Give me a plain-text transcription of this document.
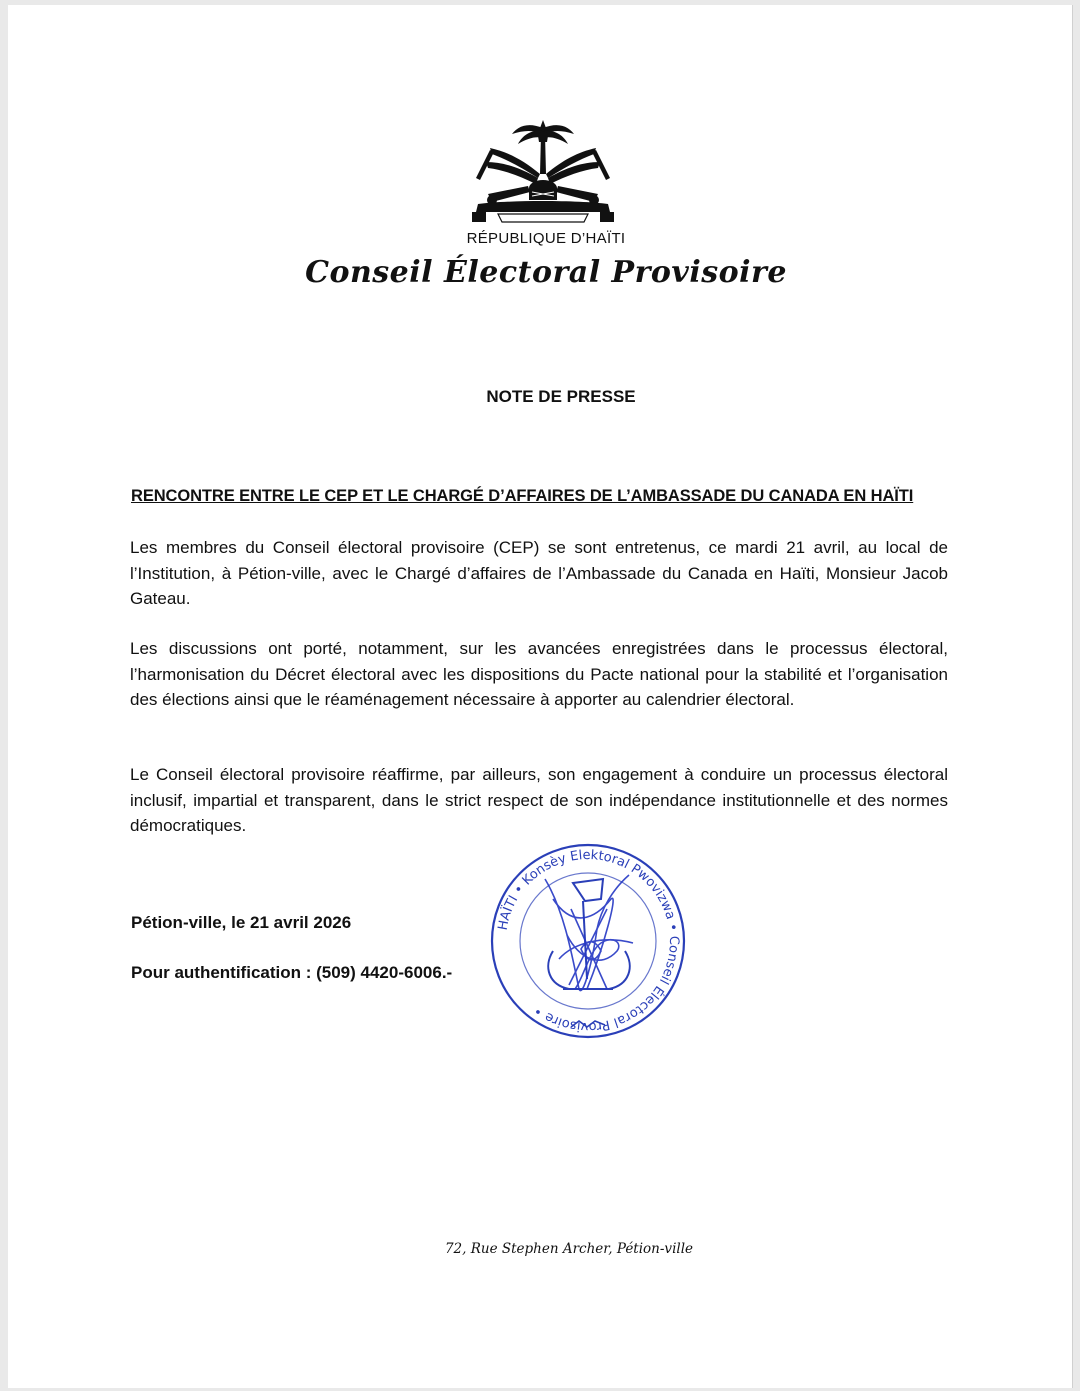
RÉPUBLIQUE D’HAÏTI
Conseil Électoral Provisoire
NOTE DE PRESSE
RENCONTRE ENTRE LE CEP ET LE CHARGÉ D’AFFAIRES DE L’AMBASSADE DU CANADA EN HAÏTI

Les membres du Conseil électoral provisoire (CEP) se sont entretenus, ce mardi 21 avril, au local de l’Institution, à Pétion-ville, avec le Chargé d’affaires de l’Ambassade du Canada en Haïti, Monsieur Jacob Gateau.

Les discussions ont porté, notamment, sur les avancées enregistrées dans le processus électoral, l’harmonisation du Décret électoral avec les dispositions du Pacte national pour la stabilité et l’organisation des élections ainsi que le réaménagement nécessaire à apporter au calendrier électoral.

Le Conseil électoral provisoire réaffirme, par ailleurs, son engagement à conduire un processus électoral inclusif, impartial et transparent, dans le strict respect de son indépendance institutionnelle et des normes démocratiques.

Pétion-ville, le 21 avril 2026
Pour authentification : (509) 4420-6006.-
HAÏTI • Konsèy Elektoral Pwovizwa • Conseil Électoral Provisoire •
72, Rue Stephen Archer, Pétion-ville
